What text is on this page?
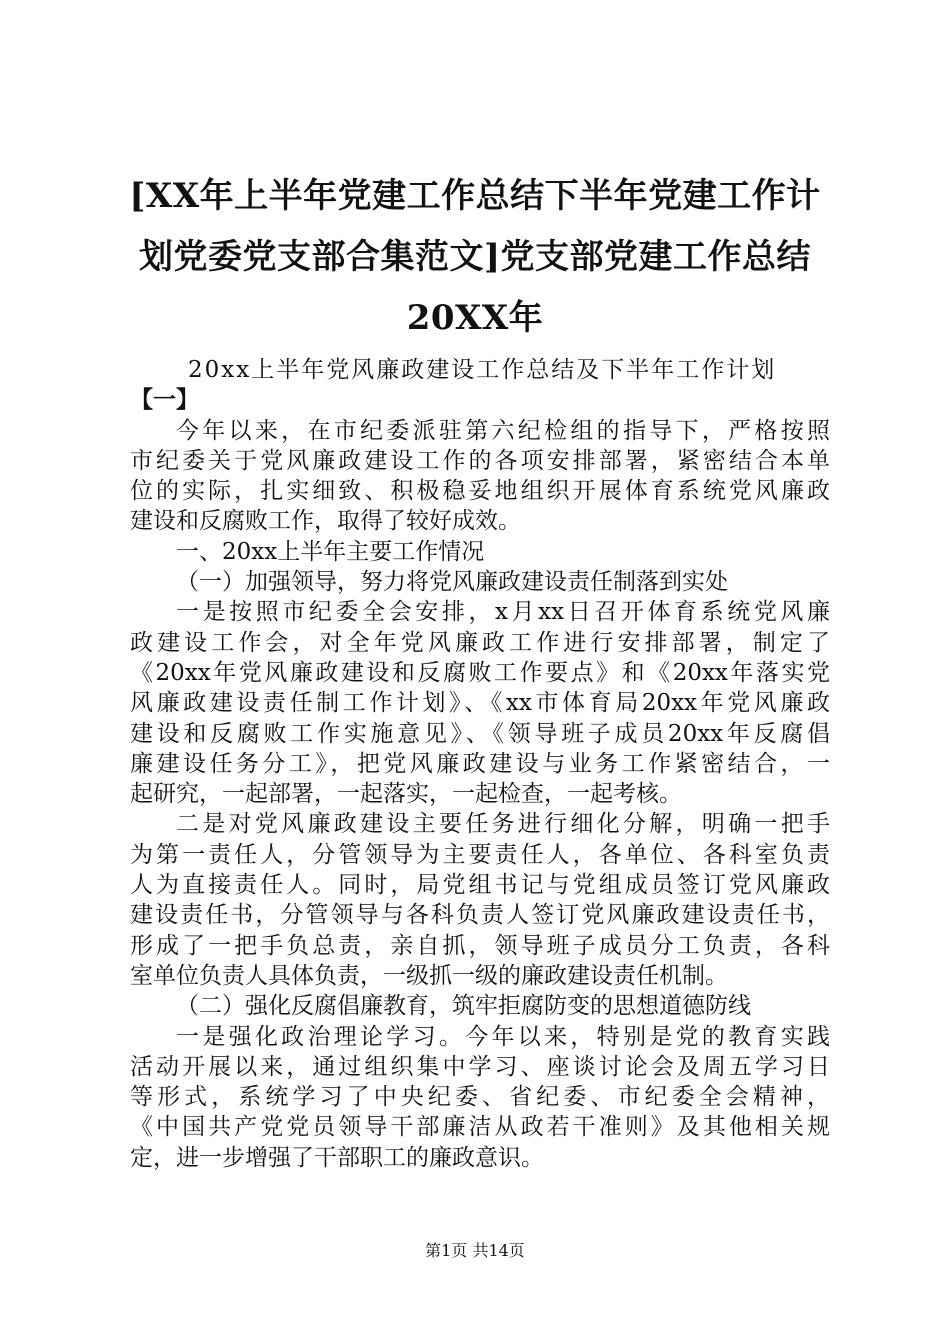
[XX年上半年党建工作总结下半年党建工作计
划党委党支部合集范文]党支部党建工作总结
20XX年
20xx上半年党风廉政建设工作总结及下半年工作计划
【一】
今年以来，在市纪委派驻第六纪检组的指导下，严格按照
市纪委关于党风廉政建设工作的各项安排部署，紧密结合本单
位的实际，扎实细致、积极稳妥地组织开展体育系统党风廉政
建设和反腐败工作，取得了较好成效。
一、20xx上半年主要工作情况
（一）加强领导，努力将党风廉政建设责任制落到实处
一是按照市纪委全会安排，x月xx日召开体育系统党风廉
政建设工作会，对全年党风廉政工作进行安排部署，制定了
《20xx年党风廉政建设和反腐败工作要点》和《20xx年落实党
风廉政建设责任制工作计划》、《xx市体育局20xx年党风廉政
建设和反腐败工作实施意见》、《领导班子成员20xx年反腐倡
廉建设任务分工》，把党风廉政建设与业务工作紧密结合，一
起研究，一起部署，一起落实，一起检查，一起考核。
二是对党风廉政建设主要任务进行细化分解，明确一把手
为第一责任人，分管领导为主要责任人，各单位、各科室负责
人为直接责任人。同时，局党组书记与党组成员签订党风廉政
建设责任书，分管领导与各科负责人签订党风廉政建设责任书，
形成了一把手负总责，亲自抓，领导班子成员分工负责，各科
室单位负责人具体负责，一级抓一级的廉政建设责任机制。
（二）强化反腐倡廉教育，筑牢拒腐防变的思想道德防线
一是强化政治理论学习。今年以来，特别是党的教育实践
活动开展以来，通过组织集中学习、座谈讨论会及周五学习日
等形式，系统学习了中央纪委、省纪委、市纪委全会精神，
《中国共产党党员领导干部廉洁从政若干准则》及其他相关规
定，进一步增强了干部职工的廉政意识。
第1页 共14页
